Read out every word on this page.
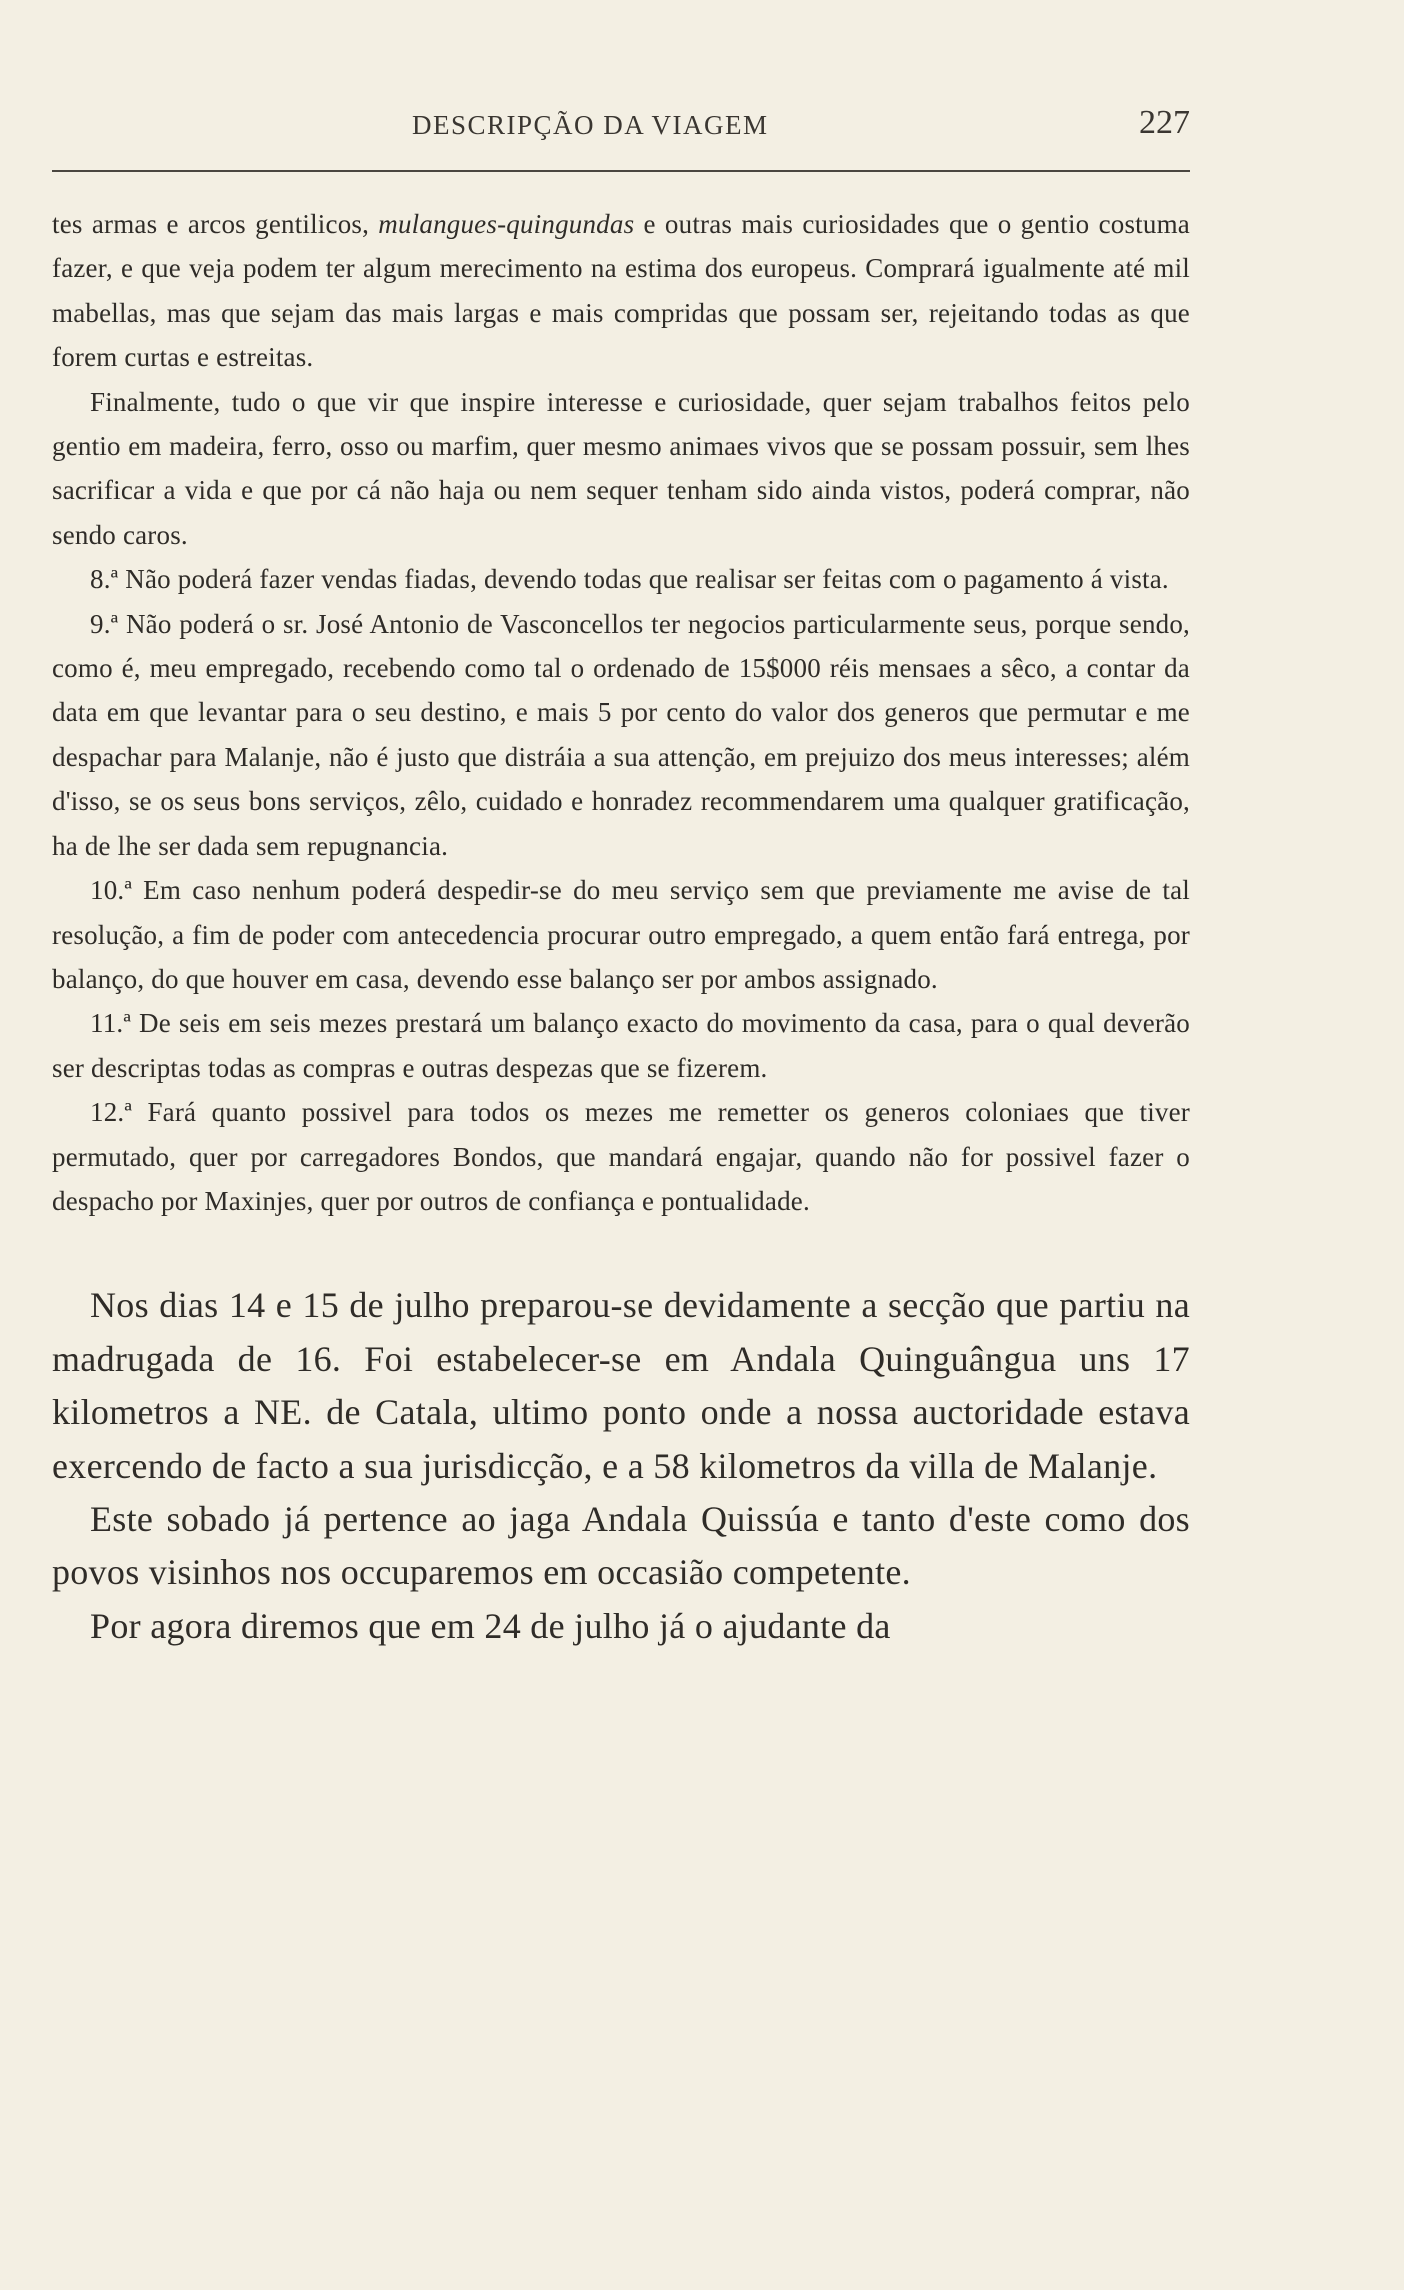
DESCRIPÇÃO DA VIAGEM	227

tes armas e arcos gentilicos, mulangues-quingundas e outras mais curiosidades que o gentio costuma fazer, e que veja podem ter algum merecimento na estima dos europeus. Comprará igualmente até mil mabellas, mas que sejam das mais largas e mais compridas que possam ser, rejeitando todas as que forem curtas e estreitas.

Finalmente, tudo o que vir que inspire interesse e curiosidade, quer sejam trabalhos feitos pelo gentio em madeira, ferro, osso ou marfim, quer mesmo animaes vivos que se possam possuir, sem lhes sacrificar a vida e que por cá não haja ou nem sequer tenham sido ainda vistos, poderá comprar, não sendo caros.

8.ª Não poderá fazer vendas fiadas, devendo todas que realisar ser feitas com o pagamento á vista.

9.ª Não poderá o sr. José Antonio de Vasconcellos ter negocios particularmente seus, porque sendo, como é, meu empregado, recebendo como tal o ordenado de 15$000 réis mensaes a sêco, a contar da data em que levantar para o seu destino, e mais 5 por cento do valor dos generos que permutar e me despachar para Malanje, não é justo que distráia a sua attenção, em prejuizo dos meus interesses; além d'isso, se os seus bons serviços, zêlo, cuidado e honradez recommendarem uma qualquer gratificação, ha de lhe ser dada sem repugnancia.

10.ª Em caso nenhum poderá despedir-se do meu serviço sem que previamente me avise de tal resolução, a fim de poder com antecedencia procurar outro empregado, a quem então fará entrega, por balanço, do que houver em casa, devendo esse balanço ser por ambos assignado.

11.ª De seis em seis mezes prestará um balanço exacto do movimento da casa, para o qual deverão ser descriptas todas as compras e outras despezas que se fizerem.

12.ª Fará quanto possivel para todos os mezes me remetter os generos coloniaes que tiver permutado, quer por carregadores Bondos, que mandará engajar, quando não for possivel fazer o despacho por Maxinjes, quer por outros de confiança e pontualidade.

Nos dias 14 e 15 de julho preparou-se devidamente a secção que partiu na madrugada de 16. Foi estabelecer-se em Andala Quinguângua uns 17 kilometros a NE. de Catala, ultimo ponto onde a nossa auctoridade estava exercendo de facto a sua jurisdicção, e a 58 kilometros da villa de Malanje.

Este sobado já pertence ao jaga Andala Quissúa e tanto d'este como dos povos visinhos nos occuparemos em occasião competente.

Por agora diremos que em 24 de julho já o ajudante da
